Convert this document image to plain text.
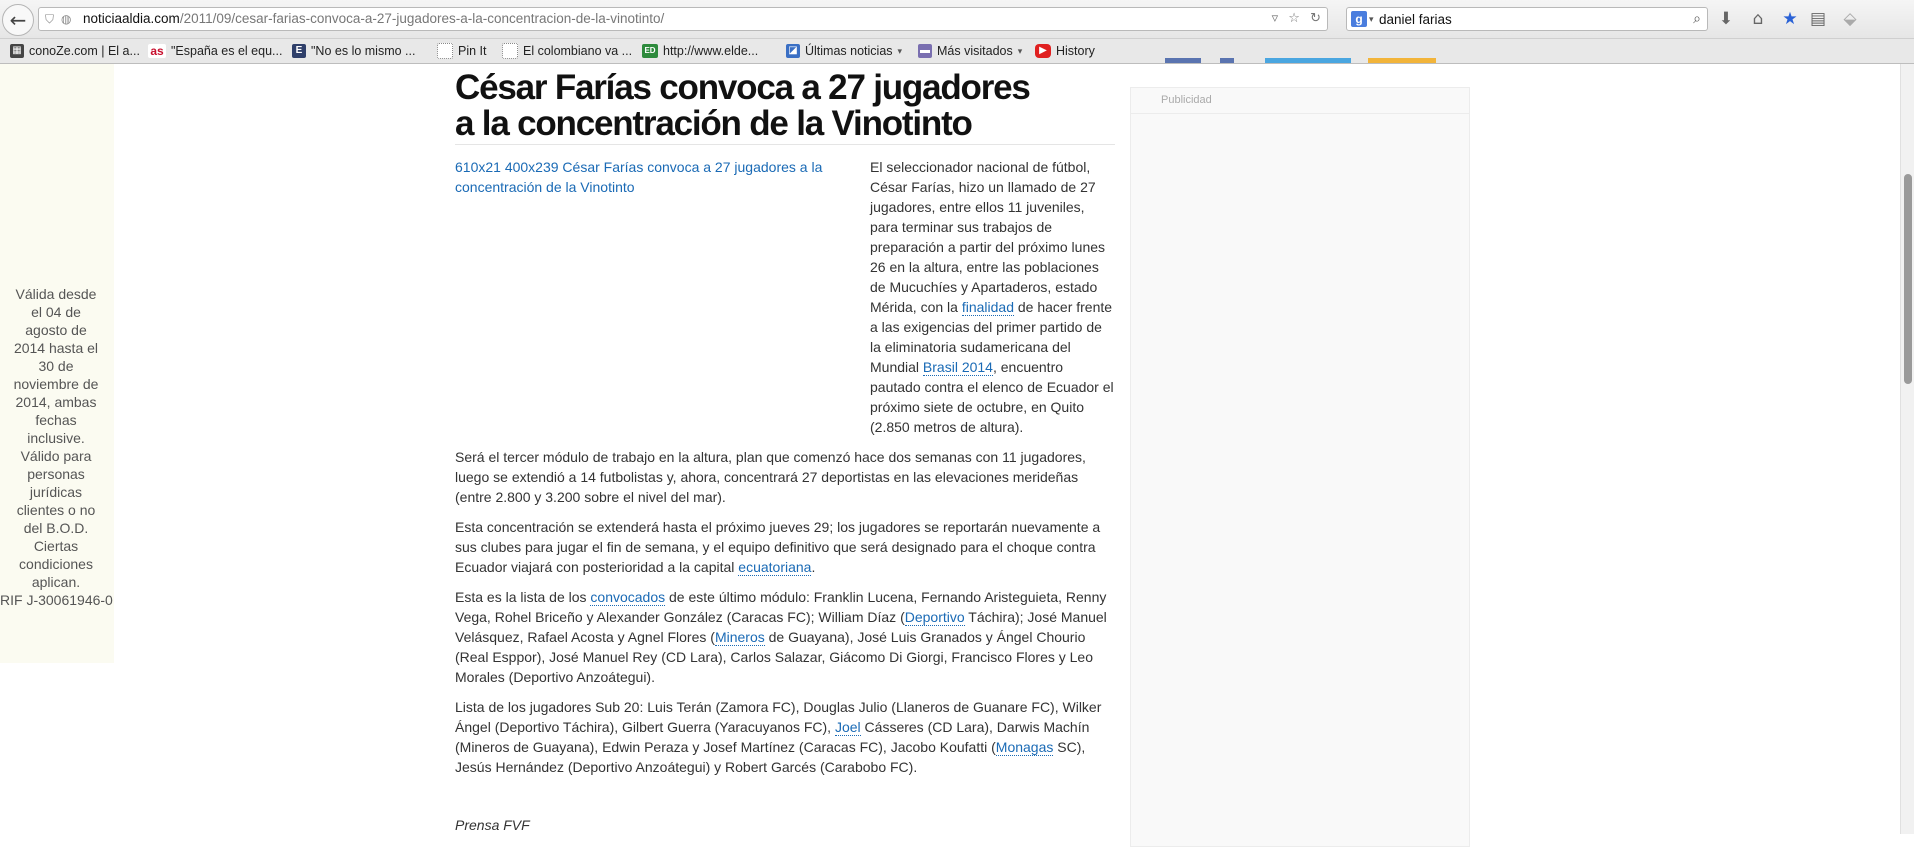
← ⛉ ◍ noticiaaldia.com/2011/09/cesar-farias-convoca-a-27-jugadores-a-la-concentracion-de-la-vinotinto/	▿ ☆ ↻	g ▾
daniel farias	⌕ ⬇	⌂	★ ▤	⬙
▦ conoZe.com | El a... as "España es el equ...	E "No es lo mismo ...	Pin It	El colombiano va ...	ED http://www.elde...	◪ Últimas noticias ▾ ▬ Más visitados ▾	▶ History
Válida desde el 04 de agosto de 2014 hasta el 30 de noviembre de 2014, ambas fechas inclusive. Válido para personas jurídicas clientes o no del B.O.D. Ciertas condiciones aplican.
RIF J-30061946-0
César Farías convoca a 27 jugadores a la concentración de la Vinotinto
610x21 400x239 César Farías convoca a 27 jugadores a la concentración de la Vinotinto

El seleccionador nacional de fútbol, César Farías, hizo un llamado de 27 jugadores, entre ellos 11 juveniles, para terminar sus trabajos de preparación a partir del próximo lunes 26 en la altura, entre las poblaciones de Mucuchíes y Apartaderos, estado Mérida, con la finalidad de hacer frente a las exigencias del primer partido de la eliminatoria sudamericana del Mundial Brasil 2014, encuentro pautado contra el elenco de Ecuador el próximo siete de octubre, en Quito (2.850 metros de altura).

Será el tercer módulo de trabajo en la altura, plan que comenzó hace dos semanas con 11 jugadores, luego se extendió a 14 futbolistas y, ahora, concentrará 27 deportistas en las elevaciones merideñas (entre 2.800 y 3.200 sobre el nivel del mar).

Esta concentración se extenderá hasta el próximo jueves 29; los jugadores se reportarán nuevamente a sus clubes para jugar el fin de semana, y el equipo definitivo que será designado para el choque contra Ecuador viajará con posterioridad a la capital ecuatoriana.

Esta es la lista de los convocados de este último módulo: Franklin Lucena, Fernando Aristeguieta, Renny Vega, Rohel Briceño y Alexander González (Caracas FC); William Díaz (Deportivo Táchira); José Manuel Velásquez, Rafael Acosta y Agnel Flores (Mineros de Guayana), José Luis Granados y Ángel Chourio (Real Esppor), José Manuel Rey (CD Lara), Carlos Salazar, Giácomo Di Giorgi, Francisco Flores y Leo Morales (Deportivo Anzoátegui).

Lista de los jugadores Sub 20: Luis Terán (Zamora FC), Douglas Julio (Llaneros de Guanare FC), Wilker Ángel (Deportivo Táchira), Gilbert Guerra (Yaracuyanos FC), Joel Cásseres (CD Lara), Darwis Machín (Mineros de Guayana), Edwin Peraza y Josef Martínez (Caracas FC), Jacobo Koufatti (Monagas SC), Jesús Hernández (Deportivo Anzoátegui) y Robert Garcés (Carabobo FC).

Prensa FVF

Publicidad
